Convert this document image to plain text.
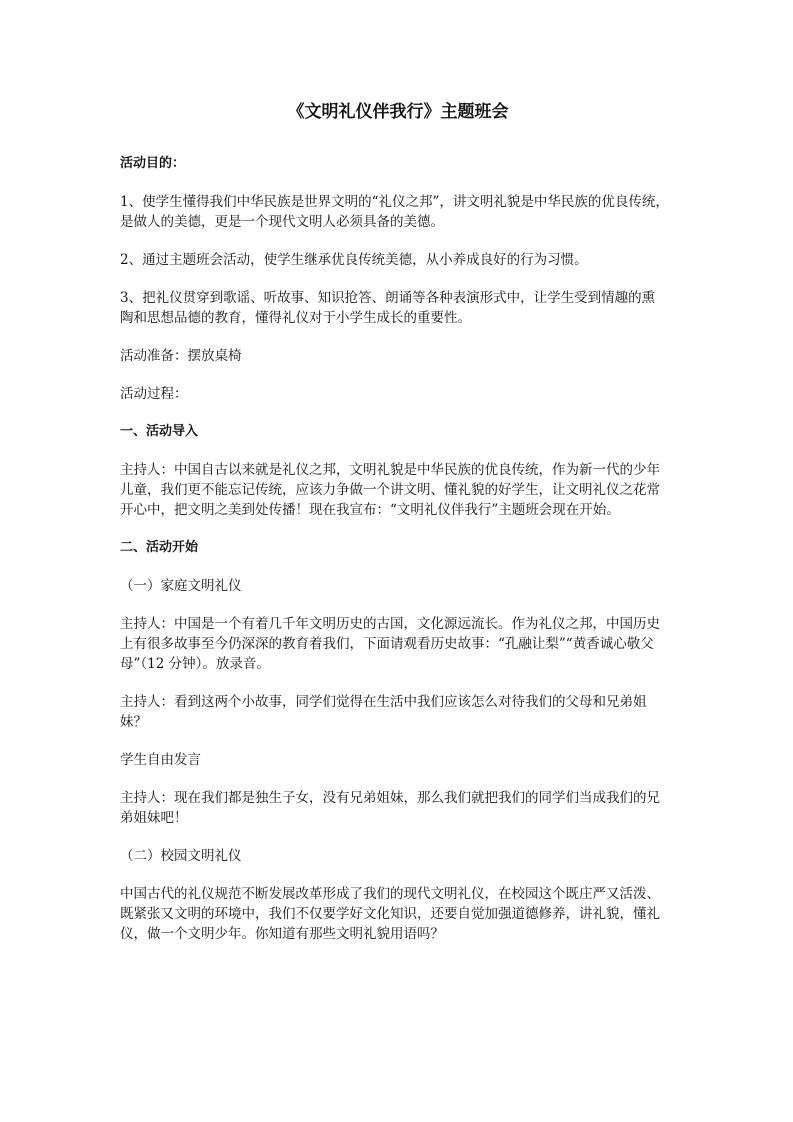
《文明礼仪伴我行》主题班会

活动目的：

1、使学生懂得我们中华民族是世界文明的“礼仪之邦”，讲文明礼貌是中华民族的优良传统，

是做人的美德，更是一个现代文明人必须具备的美德。

2、通过主题班会活动，使学生继承优良传统美德，从小养成良好的行为习惯。

3、把礼仪贯穿到歌谣、听故事、知识抢答、朗诵等各种表演形式中，让学生受到情趣的熏

陶和思想品德的教育，懂得礼仪对于小学生成长的重要性。

活动准备：摆放桌椅

活动过程：

一、活动导入

主持人：中国自古以来就是礼仪之邦，文明礼貌是中华民族的优良传统，作为新一代的少年

儿童，我们更不能忘记传统，应该力争做一个讲文明、懂礼貌的好学生，让文明礼仪之花常

开心中，把文明之美到处传播！现在我宣布：“文明礼仪伴我行”主题班会现在开始。

二、活动开始

（一）家庭文明礼仪

主持人：中国是一个有着几千年文明历史的古国，文化源远流长。作为礼仪之邦，中国历史

上有很多故事至今仍深深的教育着我们，下面请观看历史故事：“孔融让梨”“黄香诚心敬父

母”（12 分钟）。放录音。

主持人：看到这两个小故事，同学们觉得在生活中我们应该怎么对待我们的父母和兄弟姐

妹？

学生自由发言

主持人：现在我们都是独生子女，没有兄弟姐妹，那么我们就把我们的同学们当成我们的兄

弟姐妹吧！

（二）校园文明礼仪

中国古代的礼仪规范不断发展改革形成了我们的现代文明礼仪，在校园这个既庄严又活泼、

既紧张又文明的环境中，我们不仅要学好文化知识，还要自觉加强道德修养，讲礼貌，懂礼

仪，做一个文明少年。你知道有那些文明礼貌用语吗？
